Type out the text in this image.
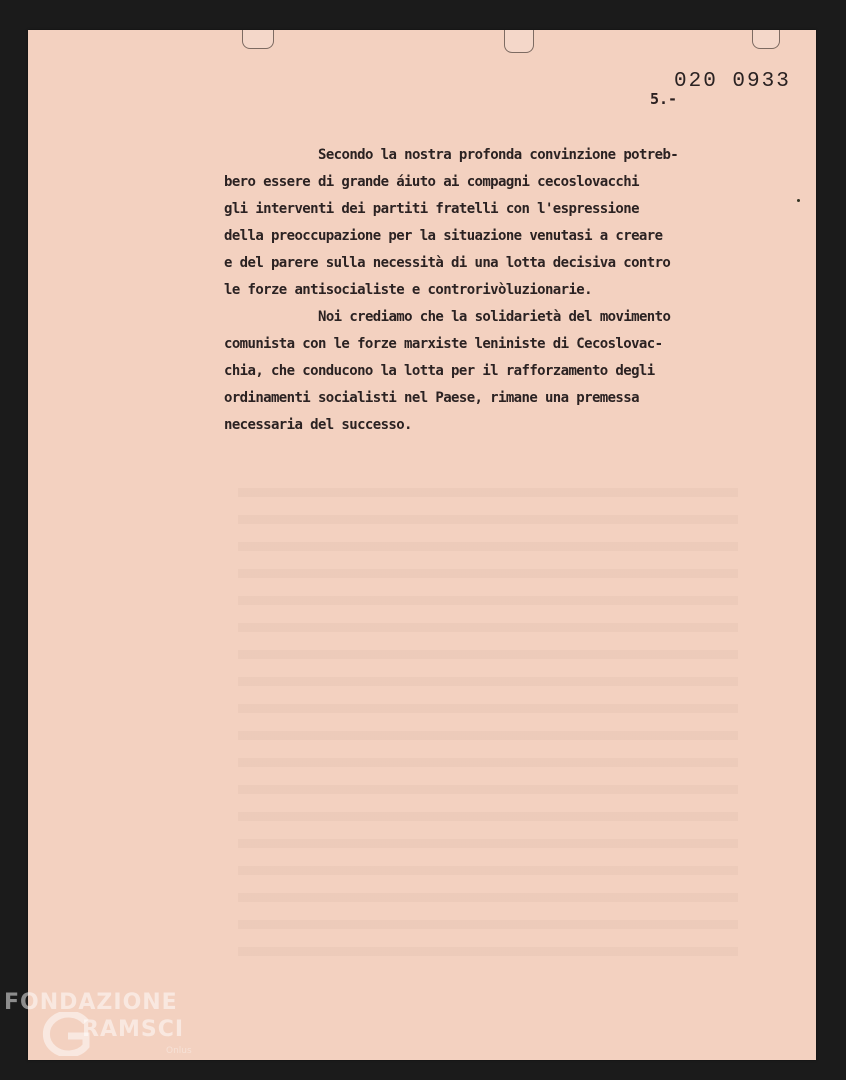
020 0933
5.-
Secondo la nostra profonda convinzione potreb-
bero essere di grande áiuto ai compagni cecoslovacchi
gli interventi dei partiti fratelli con l'espressione
della preoccupazione per la situazione venutasi a creare
e del parere sulla necessità di una lotta decisiva contro
le forze antisocialiste e controrivòluzionarie.
Noi crediamo che la solidarietà del movimento
comunista con le forze marxiste leniniste di Cecoslovac-
chia, che conducono la lotta per il rafforzamento degli
ordinamenti socialisti nel Paese, rimane una premessa
necessaria del successo.
FONDAZIONE
RAMSCI
Onlus
